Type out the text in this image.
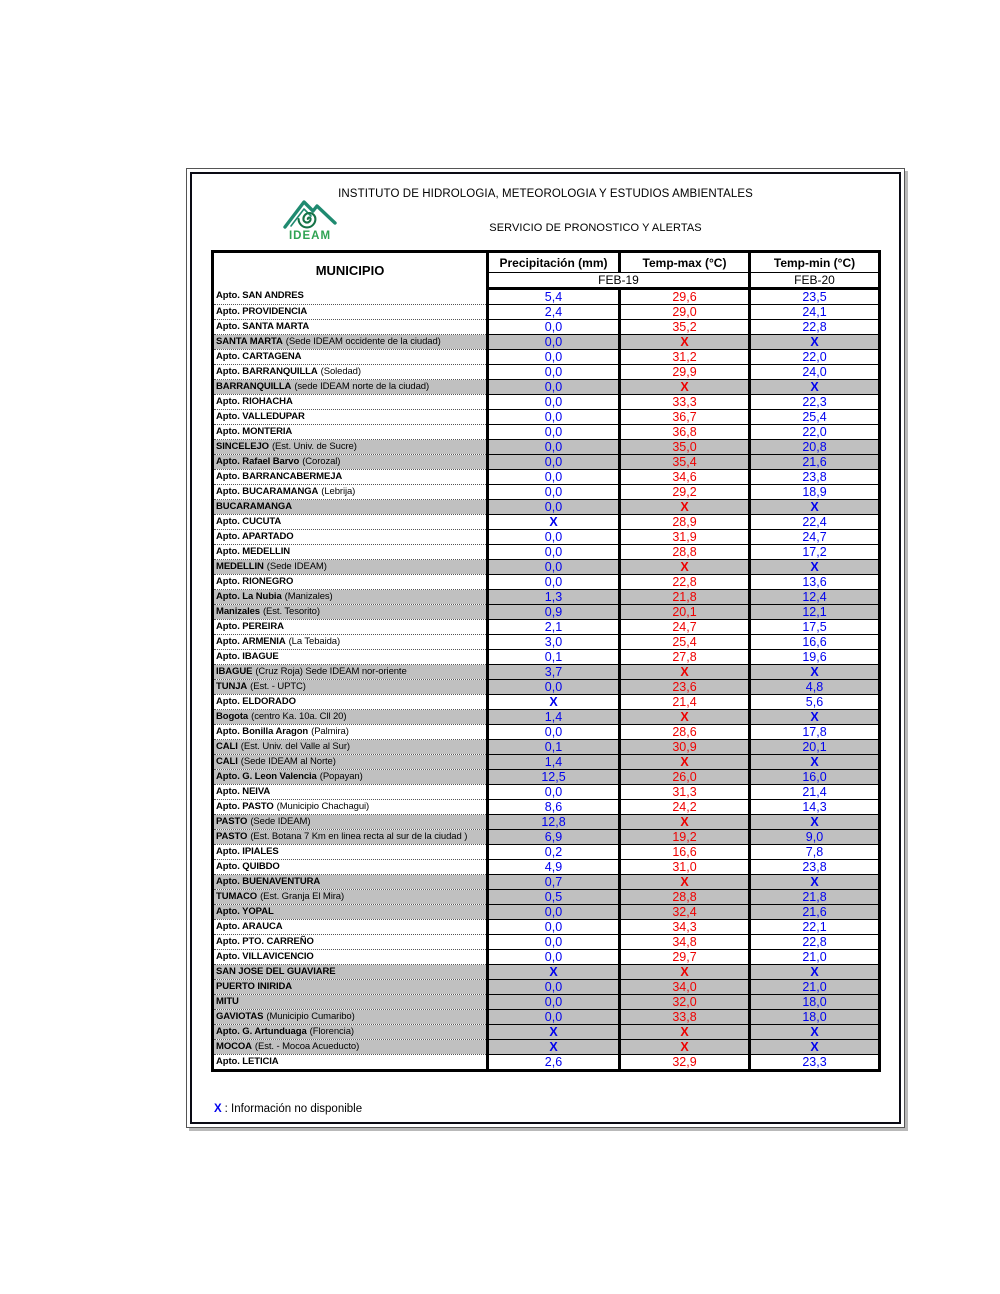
INSTITUTO DE HIDROLOGIA, METEOROLOGIA Y ESTUDIOS AMBIENTALES
IDEAM
SERVICIO DE PRONOSTICO Y ALERTAS
MUNICIPIO	Precipitación (mm)	Temp-max (°C)	Temp-min (°C)
	FEB-19		FEB-20
Apto. SAN ANDRES	5,4	29,6	23,5
Apto. PROVIDENCIA	2,4	29,0	24,1
Apto. SANTA MARTA	0,0	35,2	22,8
SANTA MARTA (Sede IDEAM occidente de la ciudad)	0,0	X	X
Apto. CARTAGENA	0,0	31,2	22,0
Apto. BARRANQUILLA (Soledad)	0,0	29,9	24,0
BARRANQUILLA (sede IDEAM norte de la ciudad)	0,0	X	X
Apto. RIOHACHA	0,0	33,3	22,3
Apto. VALLEDUPAR	0,0	36,7	25,4
Apto. MONTERIA	0,0	36,8	22,0
SINCELEJO (Est. Univ. de Sucre)	0,0	35,0	20,8
Apto. Rafael Barvo (Corozal)	0,0	35,4	21,6
Apto. BARRANCABERMEJA	0,0	34,6	23,8
Apto. BUCARAMANGA (Lebrija)	0,0	29,2	18,9
BUCARAMANGA	0,0	X	X
Apto. CUCUTA	X	28,9	22,4
Apto. APARTADO	0,0	31,9	24,7
Apto. MEDELLIN	0,0	28,8	17,2
MEDELLIN (Sede IDEAM)	0,0	X	X
Apto. RIONEGRO	0,0	22,8	13,6
Apto. La Nubia (Manizales)	1,3	21,8	12,4
Manizales (Est. Tesorito)	0,9	20,1	12,1
Apto. PEREIRA	2,1	24,7	17,5
Apto. ARMENIA (La Tebaida)	3,0	25,4	16,6
Apto. IBAGUE	0,1	27,8	19,6
IBAGUE (Cruz Roja) Sede IDEAM nor-oriente	3,7	X	X
TUNJA (Est. - UPTC)	0,0	23,6	4,8
Apto. ELDORADO	X	21,4	5,6
Bogota (centro Ka. 10a. Cll 20)	1,4	X	X
Apto. Bonilla Aragon (Palmira)	0,0	28,6	17,8
CALI (Est. Univ. del Valle al Sur)	0,1	30,9	20,1
CALI (Sede IDEAM al Norte)	1,4	X	X
Apto. G. Leon Valencia (Popayan)	12,5	26,0	16,0
Apto. NEIVA	0,0	31,3	21,4
Apto. PASTO (Municipio Chachagui)	8,6	24,2	14,3
PASTO (Sede IDEAM)	12,8	X	X
PASTO (Est. Botana 7 Km en linea recta al sur de la ciudad )	6,9	19,2	9,0
Apto. IPIALES	0,2	16,6	7,8
Apto. QUIBDO	4,9	31,0	23,8
Apto. BUENAVENTURA	0,7	X	X
TUMACO (Est. Granja El Mira)	0,5	28,8	21,8
Apto. YOPAL	0,0	32,4	21,6
Apto. ARAUCA	0,0	34,3	22,1
Apto. PTO. CARREÑO	0,0	34,8	22,8
Apto. VILLAVICENCIO	0,0	29,7	21,0
SAN JOSE DEL GUAVIARE	X	X	X
PUERTO INIRIDA	0,0	34,0	21,0
MITU	0,0	32,0	18,0
GAVIOTAS (Municipio Cumaribo)	0,0	33,8	18,0
Apto. G. Artunduaga (Florencia)	X	X	X
MOCOA (Est. - Mocoa Acueducto)	X	X	X
Apto. LETICIA	2,6	32,9	23,3
X : Información no disponible
